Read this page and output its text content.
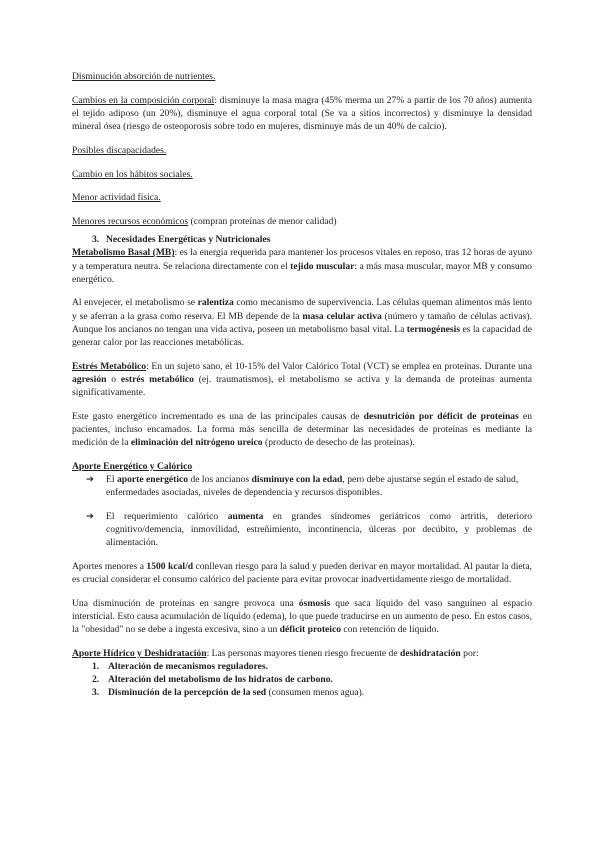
Disminución absorción de nutrientes.

Cambios en la composición corporal: disminuye la masa magra (45% merma un 27% a partir de los 70 años) aumenta el tejido adiposo (un 20%), disminuye el agua corporal total (Se va a sitios incorrectos) y disminuye la densidad mineral ósea (riesgo de osteoporosis sobre todo en mujeres, disminuye más de un 40% de calcio).

Posibles discapacidades.

Cambio en los hábitos sociales.

Menor actividad física.

Menores recursos económicos (compran proteínas de menor calidad)

3. Necesidades Energéticas y Nutricionales

Metabolismo Basal (MB): es la energía requerida para mantener los procesos vitales en reposo, tras 12 horas de ayuno y a temperatura neutra. Se relaciona directamente con el tejido muscular: a más masa muscular, mayor MB y consumo energético.

Al envejecer, el metabolismo se ralentiza como mecanismo de supervivencia. Las células queman alimentos más lento y se aferran a la grasa como reserva. El MB depende de la masa celular activa (número y tamaño de células activas). Aunque los ancianos no tengan una vida activa, poseen un metabolismo basal vital. La termogénesis es la capacidad de generar calor por las reacciones metabólicas.

Estrés Metabólico: En un sujeto sano, el 10-15% del Valor Calórico Total (VCT) se emplea en proteínas. Durante una agresión o estrés metabólico (ej. traumatismos), el metabolismo se activa y la demanda de proteínas aumenta significativamente.

Este gasto energético incrementado es una de las principales causas de desnutrición por déficit de proteínas en pacientes, incluso encamados. La forma más sencilla de determinar las necesidades de proteínas es mediante la medición de la eliminación del nitrógeno ureico (producto de desecho de las proteínas).

Aporte Energético y Calórico

➔ El aporte energético de los ancianos disminuye con la edad, pero debe ajustarse según el estado de salud, enfermedades asociadas, niveles de dependencia y recursos disponibles.
➔ El requerimiento calórico aumenta en grandes síndromes geriátricos como artritis, deterioro cognitivo/demencia, inmovilidad, estreñimiento, incontinencia, úlceras por decúbito, y problemas de alimentación.

Aportes menores a 1500 kcal/d conllevan riesgo para la salud y pueden derivar en mayor mortalidad. Al pautar la dieta, es crucial considerar el consumo calórico del paciente para evitar provocar inadvertidamente riesgo de mortalidad.

Una disminución de proteínas en sangre provoca una ósmosis que saca líquido del vaso sanguíneo al espacio intersticial. Esto causa acumulación de líquido (edema), lo que puede traducirse en un aumento de peso. En estos casos, la "obesidad" no se debe a ingesta excesiva, sino a un déficit proteico con retención de líquido.

Aporte Hídrico y Deshidratación: Las personas mayores tienen riesgo frecuente de deshidratación por:

1. Alteración de mecanismos reguladores.
2. Alteración del metabolismo de los hidratos de carbono.
3. Disminución de la percepción de la sed (consumen menos agua).
